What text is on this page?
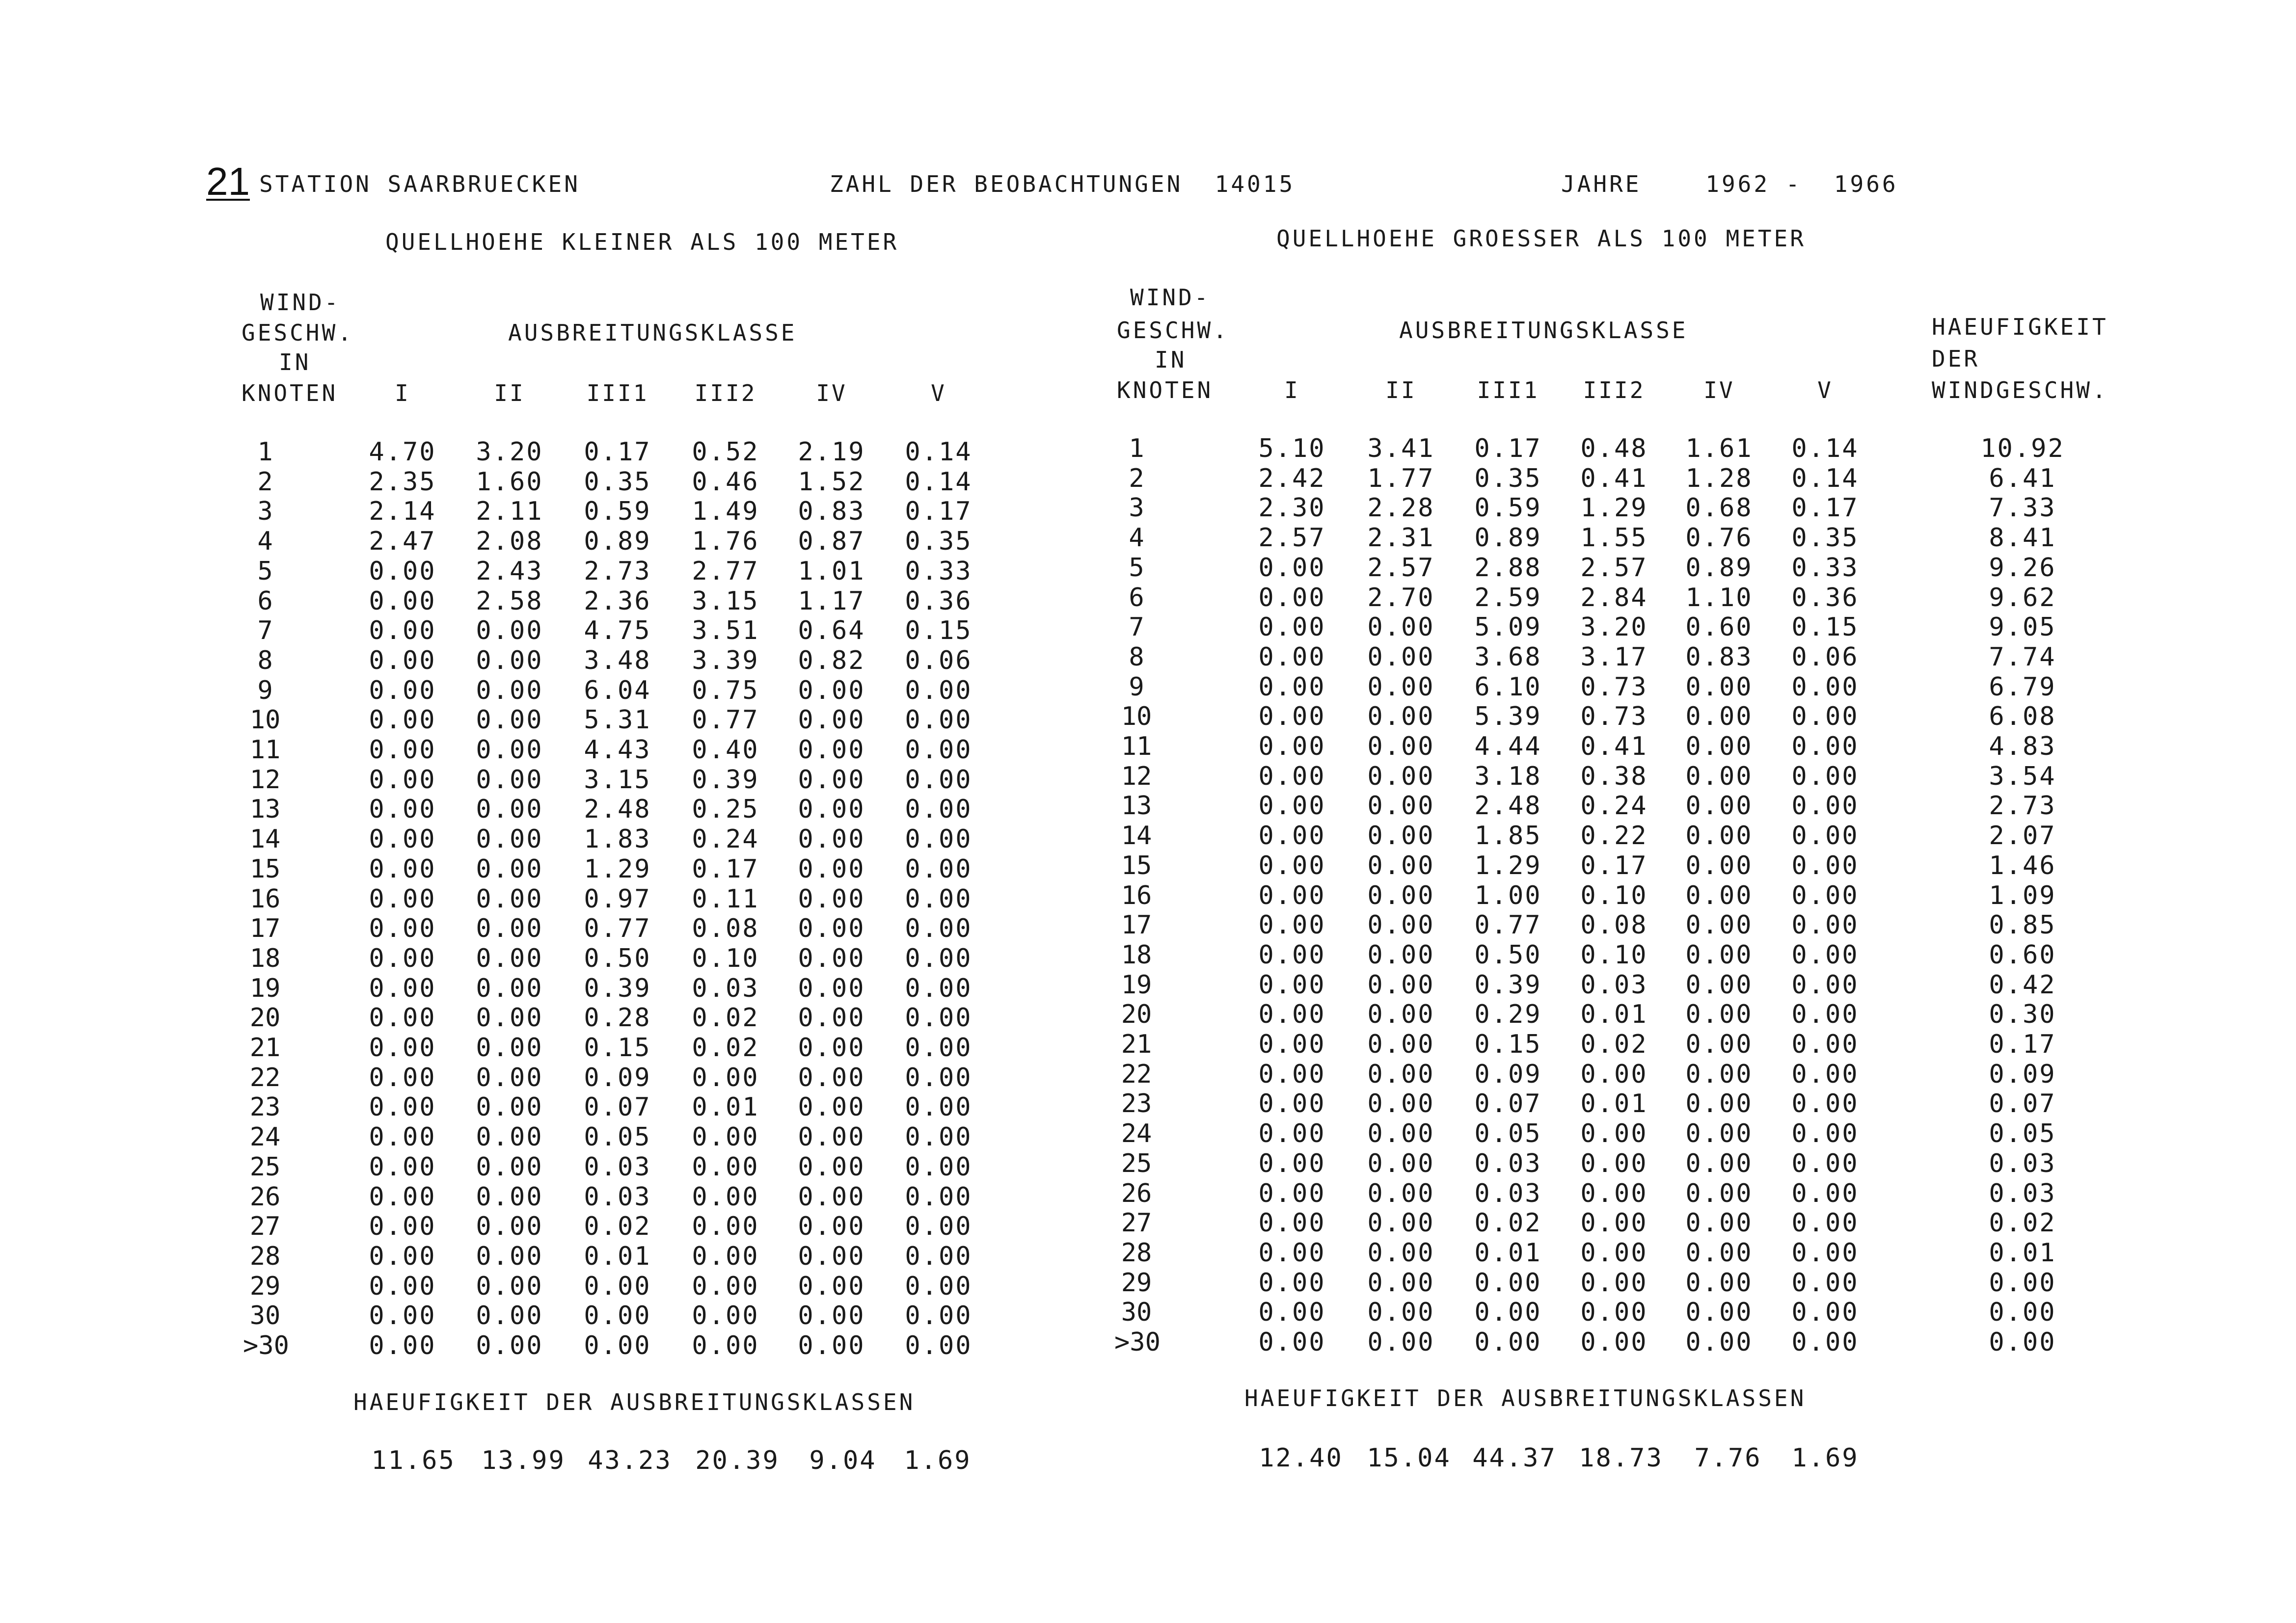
21 STATION SAARBRUECKEN	ZAHL DER BEOBACHTUNGEN  14015	JAHRE    1962 -  1966
QUELLHOEHE KLEINER ALS 100 METER
WIND-
GESCHW.
IN
KNOTEN
AUSBREITUNGSKLASSE
I	II	III1	III2	IV	V
1	4.70	3.20	0.17	0.52	2.19	0.14
2	2.35	1.60	0.35	0.46	1.52	0.14
3	2.14	2.11	0.59	1.49	0.83	0.17
4	2.47	2.08	0.89	1.76	0.87	0.35
5	0.00	2.43	2.73	2.77	1.01	0.33
6	0.00	2.58	2.36	3.15	1.17	0.36
7	0.00	0.00	4.75	3.51	0.64	0.15
8	0.00	0.00	3.48	3.39	0.82	0.06
9	0.00	0.00	6.04	0.75	0.00	0.00
10	0.00	0.00	5.31	0.77	0.00	0.00
11	0.00	0.00	4.43	0.40	0.00	0.00
12	0.00	0.00	3.15	0.39	0.00	0.00
13	0.00	0.00	2.48	0.25	0.00	0.00
14	0.00	0.00	1.83	0.24	0.00	0.00
15	0.00	0.00	1.29	0.17	0.00	0.00
16	0.00	0.00	0.97	0.11	0.00	0.00
17	0.00	0.00	0.77	0.08	0.00	0.00
18	0.00	0.00	0.50	0.10	0.00	0.00
19	0.00	0.00	0.39	0.03	0.00	0.00
20	0.00	0.00	0.28	0.02	0.00	0.00
21	0.00	0.00	0.15	0.02	0.00	0.00
22	0.00	0.00	0.09	0.00	0.00	0.00
23	0.00	0.00	0.07	0.01	0.00	0.00
24	0.00	0.00	0.05	0.00	0.00	0.00
25	0.00	0.00	0.03	0.00	0.00	0.00
26	0.00	0.00	0.03	0.00	0.00	0.00
27	0.00	0.00	0.02	0.00	0.00	0.00
28	0.00	0.00	0.01	0.00	0.00	0.00
29	0.00	0.00	0.00	0.00	0.00	0.00
30	0.00	0.00	0.00	0.00	0.00	0.00
>30	0.00	0.00	0.00	0.00	0.00	0.00
HAEUFIGKEIT DER AUSBREITUNGSKLASSEN
11.65	13.99 43.23 20.39	9.04	1.69
QUELLHOEHE GROESSER ALS 100 METER
WIND-
GESCHW.
IN
KNOTEN
AUSBREITUNGSKLASSE	HAEUFIGKEIT
DER
WINDGESCHW.
I	II	III1	III2	IV	V
1	5.10	3.41	0.17	0.48	1.61	0.14	10.92
2	2.42	1.77	0.35	0.41	1.28	0.14	6.41
3	2.30	2.28	0.59	1.29	0.68	0.17	7.33
4	2.57	2.31	0.89	1.55	0.76	0.35	8.41
5	0.00	2.57	2.88	2.57	0.89	0.33	9.26
6	0.00	2.70	2.59	2.84	1.10	0.36	9.62
7	0.00	0.00	5.09	3.20	0.60	0.15	9.05
8	0.00	0.00	3.68	3.17	0.83	0.06	7.74
9	0.00	0.00	6.10	0.73	0.00	0.00	6.79
10	0.00	0.00	5.39	0.73	0.00	0.00	6.08
11	0.00	0.00	4.44	0.41	0.00	0.00	4.83
12	0.00	0.00	3.18	0.38	0.00	0.00	3.54
13	0.00	0.00	2.48	0.24	0.00	0.00	2.73
14	0.00	0.00	1.85	0.22	0.00	0.00	2.07
15	0.00	0.00	1.29	0.17	0.00	0.00	1.46
16	0.00	0.00	1.00	0.10	0.00	0.00	1.09
17	0.00	0.00	0.77	0.08	0.00	0.00	0.85
18	0.00	0.00	0.50	0.10	0.00	0.00	0.60
19	0.00	0.00	0.39	0.03	0.00	0.00	0.42
20	0.00	0.00	0.29	0.01	0.00	0.00	0.30
21	0.00	0.00	0.15	0.02	0.00	0.00	0.17
22	0.00	0.00	0.09	0.00	0.00	0.00	0.09
23	0.00	0.00	0.07	0.01	0.00	0.00	0.07
24	0.00	0.00	0.05	0.00	0.00	0.00	0.05
25	0.00	0.00	0.03	0.00	0.00	0.00	0.03
26	0.00	0.00	0.03	0.00	0.00	0.00	0.03
27	0.00	0.00	0.02	0.00	0.00	0.00	0.02
28	0.00	0.00	0.01	0.00	0.00	0.00	0.01
29	0.00	0.00	0.00	0.00	0.00	0.00	0.00
30	0.00	0.00	0.00	0.00	0.00	0.00	0.00
>30	0.00	0.00	0.00	0.00	0.00	0.00	0.00
HAEUFIGKEIT DER AUSBREITUNGSKLASSEN
12.40 15.04 44.37 18.73	7.76	1.69
